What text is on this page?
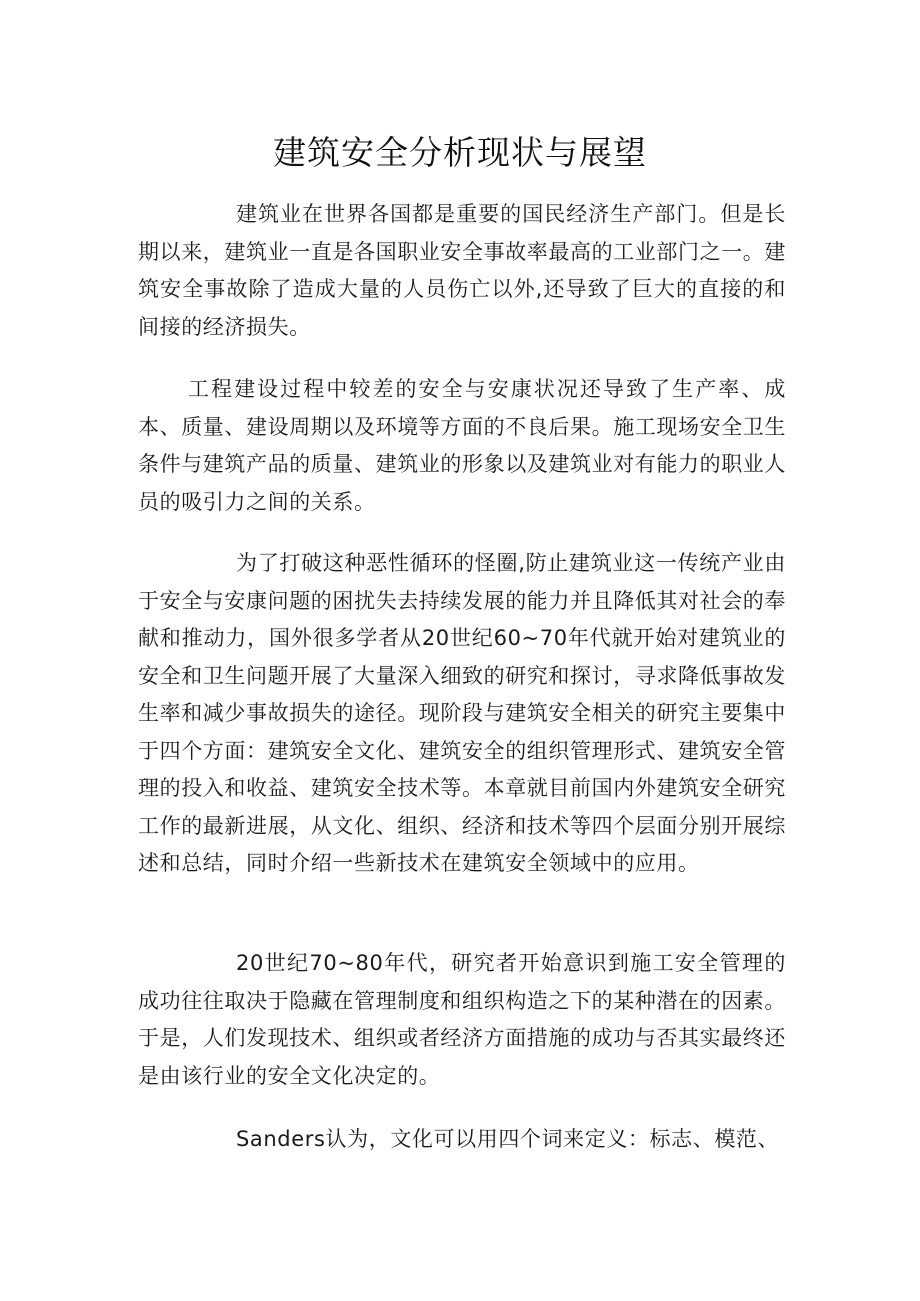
建筑安全分析现状与展望

建筑业在世界各国都是重要的国民经济生产部门。但是长期以来，建筑业一直是各国职业安全事故率最高的工业部门之一。建筑安全事故除了造成大量的人员伤亡以外,还导致了巨大的直接的和间接的经济损失。

工程建设过程中较差的安全与安康状况还导致了生产率、成本、质量、建设周期以及环境等方面的不良后果。施工现场安全卫生条件与建筑产品的质量、建筑业的形象以及建筑业对有能力的职业人员的吸引力之间的关系。

为了打破这种恶性循环的怪圈,防止建筑业这一传统产业由于安全与安康问题的困扰失去持续发展的能力并且降低其对社会的奉献和推动力，国外很多学者从20世纪60~70年代就开始对建筑业的安全和卫生问题开展了大量深入细致的研究和探讨，寻求降低事故发生率和减少事故损失的途径。现阶段与建筑安全相关的研究主要集中于四个方面：建筑安全文化、建筑安全的组织管理形式、建筑安全管理的投入和收益、建筑安全技术等。本章就目前国内外建筑安全研究工作的最新进展，从文化、组织、经济和技术等四个层面分别开展综述和总结，同时介绍一些新技术在建筑安全领域中的应用。

20世纪70~80年代，研究者开始意识到施工安全管理的成功往往取决于隐藏在管理制度和组织构造之下的某种潜在的因素。于是，人们发现技术、组织或者经济方面措施的成功与否其实最终还是由该行业的安全文化决定的。

Sanders认为，文化可以用四个词来定义：标志、模范、
